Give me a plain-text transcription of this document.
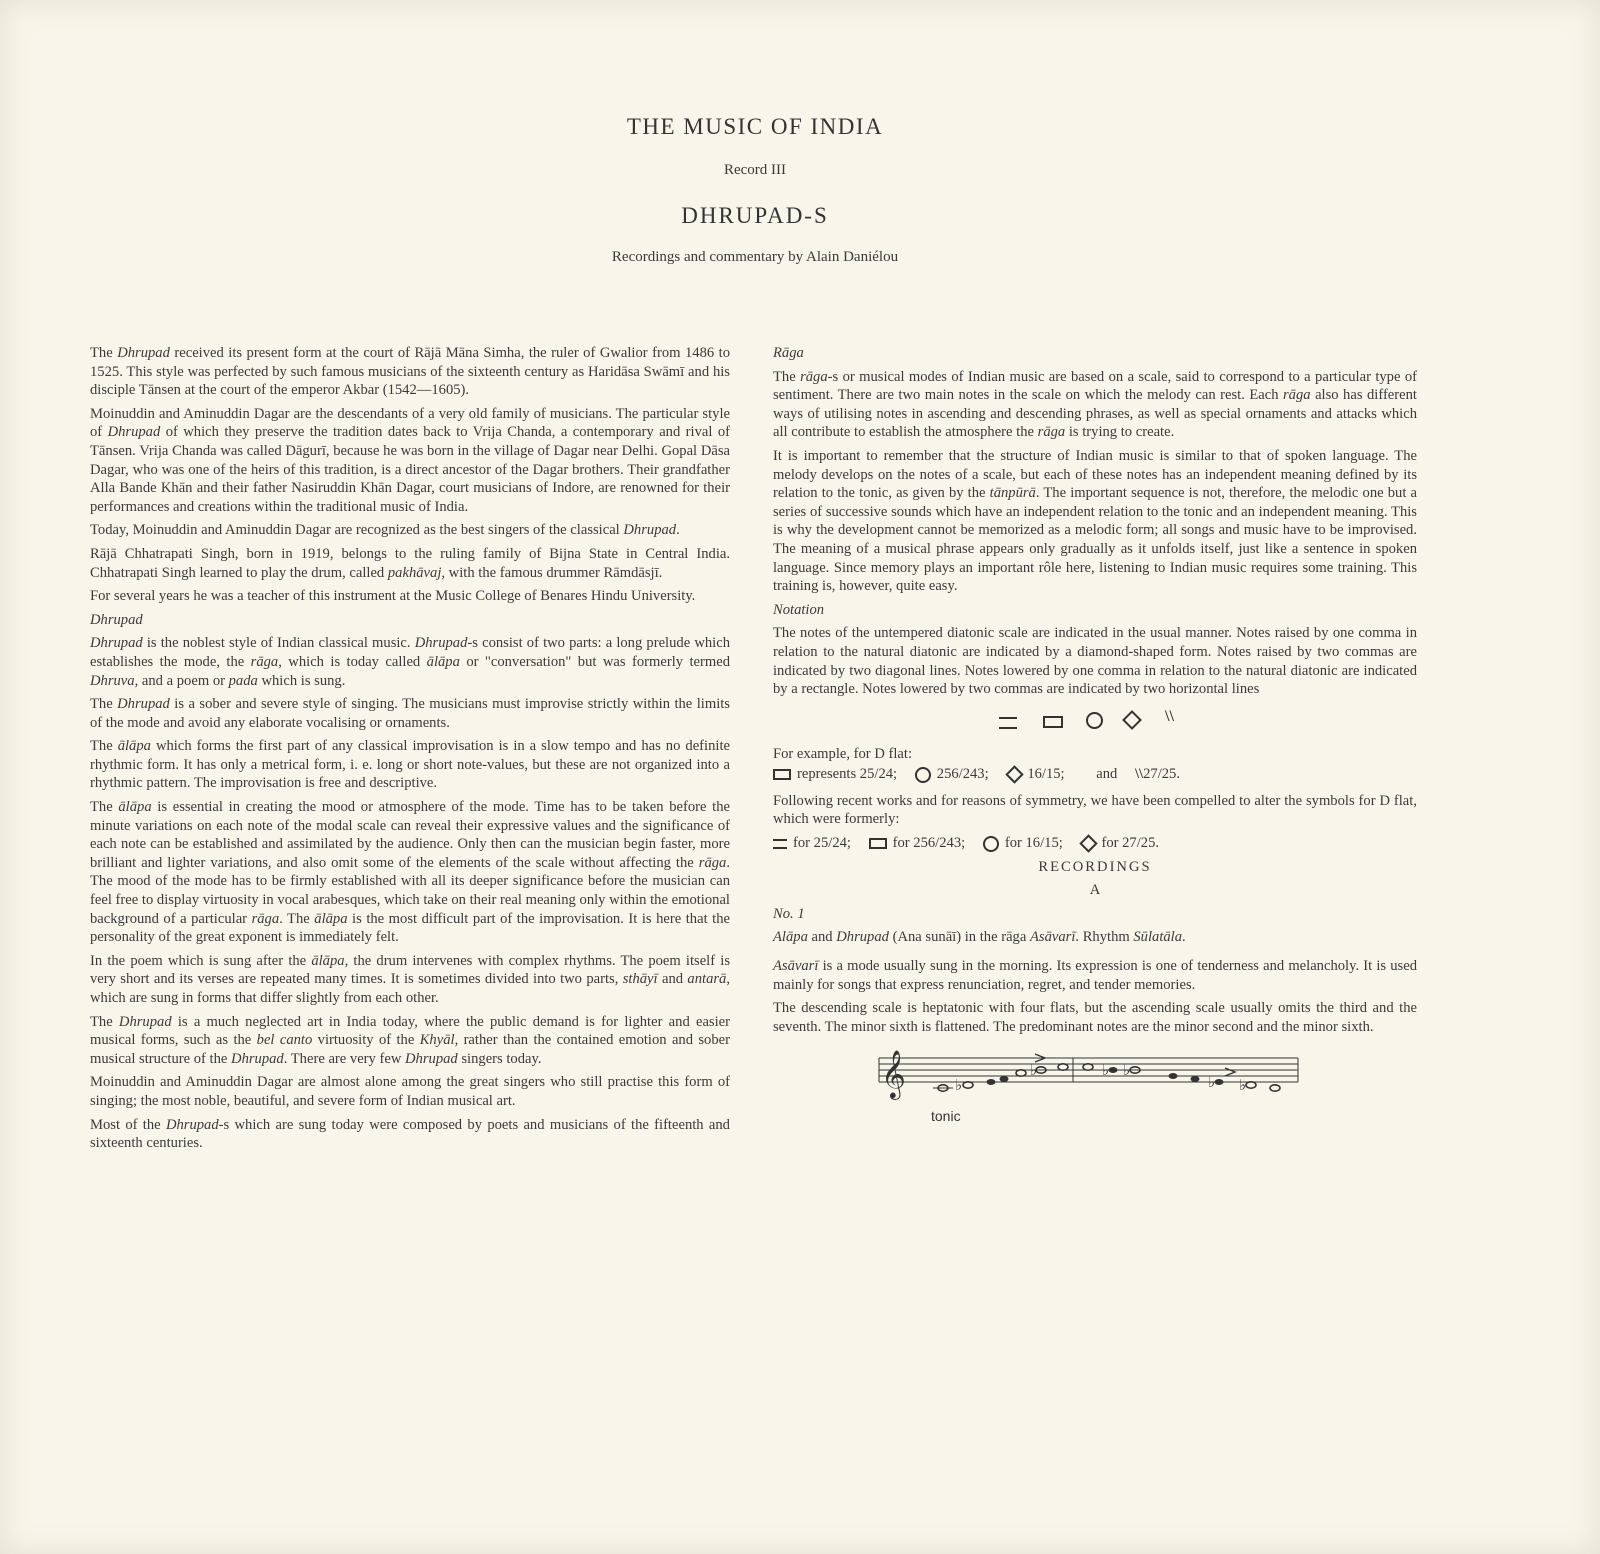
THE MUSIC OF INDIA
Record III
DHRUPAD-S
Recordings and commentary by Alain Daniélou

The Dhrupad received its present form at the court of Rājā Māna Simha, the ruler of Gwalior from 1486 to 1525. This style was perfected by such famous musicians of the sixteenth century as Haridāsa Swāmī and his disciple Tānsen at the court of the emperor Akbar (1542—1605).

Moinuddin and Aminuddin Dagar are the descendants of a very old family of musicians. The particular style of Dhrupad of which they preserve the tradition dates back to Vrija Chanda, a contemporary and rival of Tānsen. Vrija Chanda was called Dāgurī, because he was born in the village of Dagar near Delhi. Gopal Dāsa Dagar, who was one of the heirs of this tradition, is a direct ancestor of the Dagar brothers. Their grandfather Alla Bande Khān and their father Nasiruddin Khān Dagar, court musicians of Indore, are renowned for their performances and creations within the traditional music of India.

Today, Moinuddin and Aminuddin Dagar are recognized as the best singers of the classical Dhrupad.

Rājā Chhatrapati Singh, born in 1919, belongs to the ruling family of Bijna State in Central India. Chhatrapati Singh learned to play the drum, called pakhāvaj, with the famous drummer Rāmdāsjī.

For several years he was a teacher of this instrument at the Music College of Benares Hindu University.

Dhrupad

Dhrupad is the noblest style of Indian classical music. Dhrupad-s consist of two parts: a long prelude which establishes the mode, the rāga, which is today called ālāpa or "conversation" but was formerly termed Dhruva, and a poem or pada which is sung.

The Dhrupad is a sober and severe style of singing. The musicians must improvise strictly within the limits of the mode and avoid any elaborate vocalising or ornaments.

The ālāpa which forms the first part of any classical improvisation is in a slow tempo and has no definite rhythmic form. It has only a metrical form, i. e. long or short note-values, but these are not organized into a rhythmic pattern. The improvisation is free and descriptive.

The ālāpa is essential in creating the mood or atmosphere of the mode. Time has to be taken before the minute variations on each note of the modal scale can reveal their expressive values and the significance of each note can be established and assimilated by the audience. Only then can the musician begin faster, more brilliant and lighter variations, and also omit some of the elements of the scale without affecting the rāga. The mood of the mode has to be firmly established with all its deeper significance before the musician can feel free to display virtuosity in vocal arabesques, which take on their real meaning only within the emotional background of a particular rāga. The ālāpa is the most difficult part of the improvisation. It is here that the personality of the great exponent is immediately felt.

In the poem which is sung after the ālāpa, the drum intervenes with complex rhythms. The poem itself is very short and its verses are repeated many times. It is sometimes divided into two parts, sthāyī and antarā, which are sung in forms that differ slightly from each other.

The Dhrupad is a much neglected art in India today, where the public demand is for lighter and easier musical forms, such as the bel canto virtuosity of the Khyāl, rather than the contained emotion and sober musical structure of the Dhrupad. There are very few Dhrupad singers today.

Moinuddin and Aminuddin Dagar are almost alone among the great singers who still practise this form of singing; the most noble, beautiful, and severe form of Indian musical art.

Most of the Dhrupad-s which are sung today were composed by poets and musicians of the fifteenth and sixteenth centuries.

Rāga

The rāga-s or musical modes of Indian music are based on a scale, said to correspond to a particular type of sentiment. There are two main notes in the scale on which the melody can rest. Each rāga also has different ways of utilising notes in ascending and descending phrases, as well as special ornaments and attacks which all contribute to establish the atmosphere the rāga is trying to create.

It is important to remember that the structure of Indian music is similar to that of spoken language. The melody develops on the notes of a scale, but each of these notes has an independent meaning defined by its relation to the tonic, as given by the tānpūrā. The important sequence is not, therefore, the melodic one but a series of successive sounds which have an independent relation to the tonic and an independent meaning. This is why the development cannot be memorized as a melodic form; all songs and music have to be improvised. The meaning of a musical phrase appears only gradually as it unfolds itself, just like a sentence in spoken language. Since memory plays an important rôle here, listening to Indian music requires some training. This training is, however, quite easy.

Notation

The notes of the untempered diatonic scale are indicated in the usual manner. Notes raised by one comma in relation to the natural diatonic are indicated by a diamond-shaped form. Notes raised by two commas are indicated by two diagonal lines. Notes lowered by one comma in relation to the natural diatonic are indicated by a rectangle. Notes lowered by two commas are indicated by two horizontal lines

\\

For example, for D flat:

represents 25/24;	256/243;	16/15; and \\27/25.

Following recent works and for reasons of symmetry, we have been compelled to alter the symbols for D flat, which were formerly:

for 25/24;	for 256/243;	for 16/15;	for 27/25.

RECORDINGS

A

No. 1

Alāpa and Dhrupad (Ana sunāī) in the rāga Asāvarī. Rhythm Sūlatāla.

Asāvarī is a mode usually sung in the morning. Its expression is one of tenderness and melancholy. It is used mainly for songs that express renunciation, regret, and tender memories.

The descending scale is heptatonic with four flats, but the ascending scale usually omits the third and the seventh. The minor sixth is flattened. The predominant notes are the minor second and the minor sixth.

𝄞	♭
♭	♭ ♭
♭ ♭
tonic
